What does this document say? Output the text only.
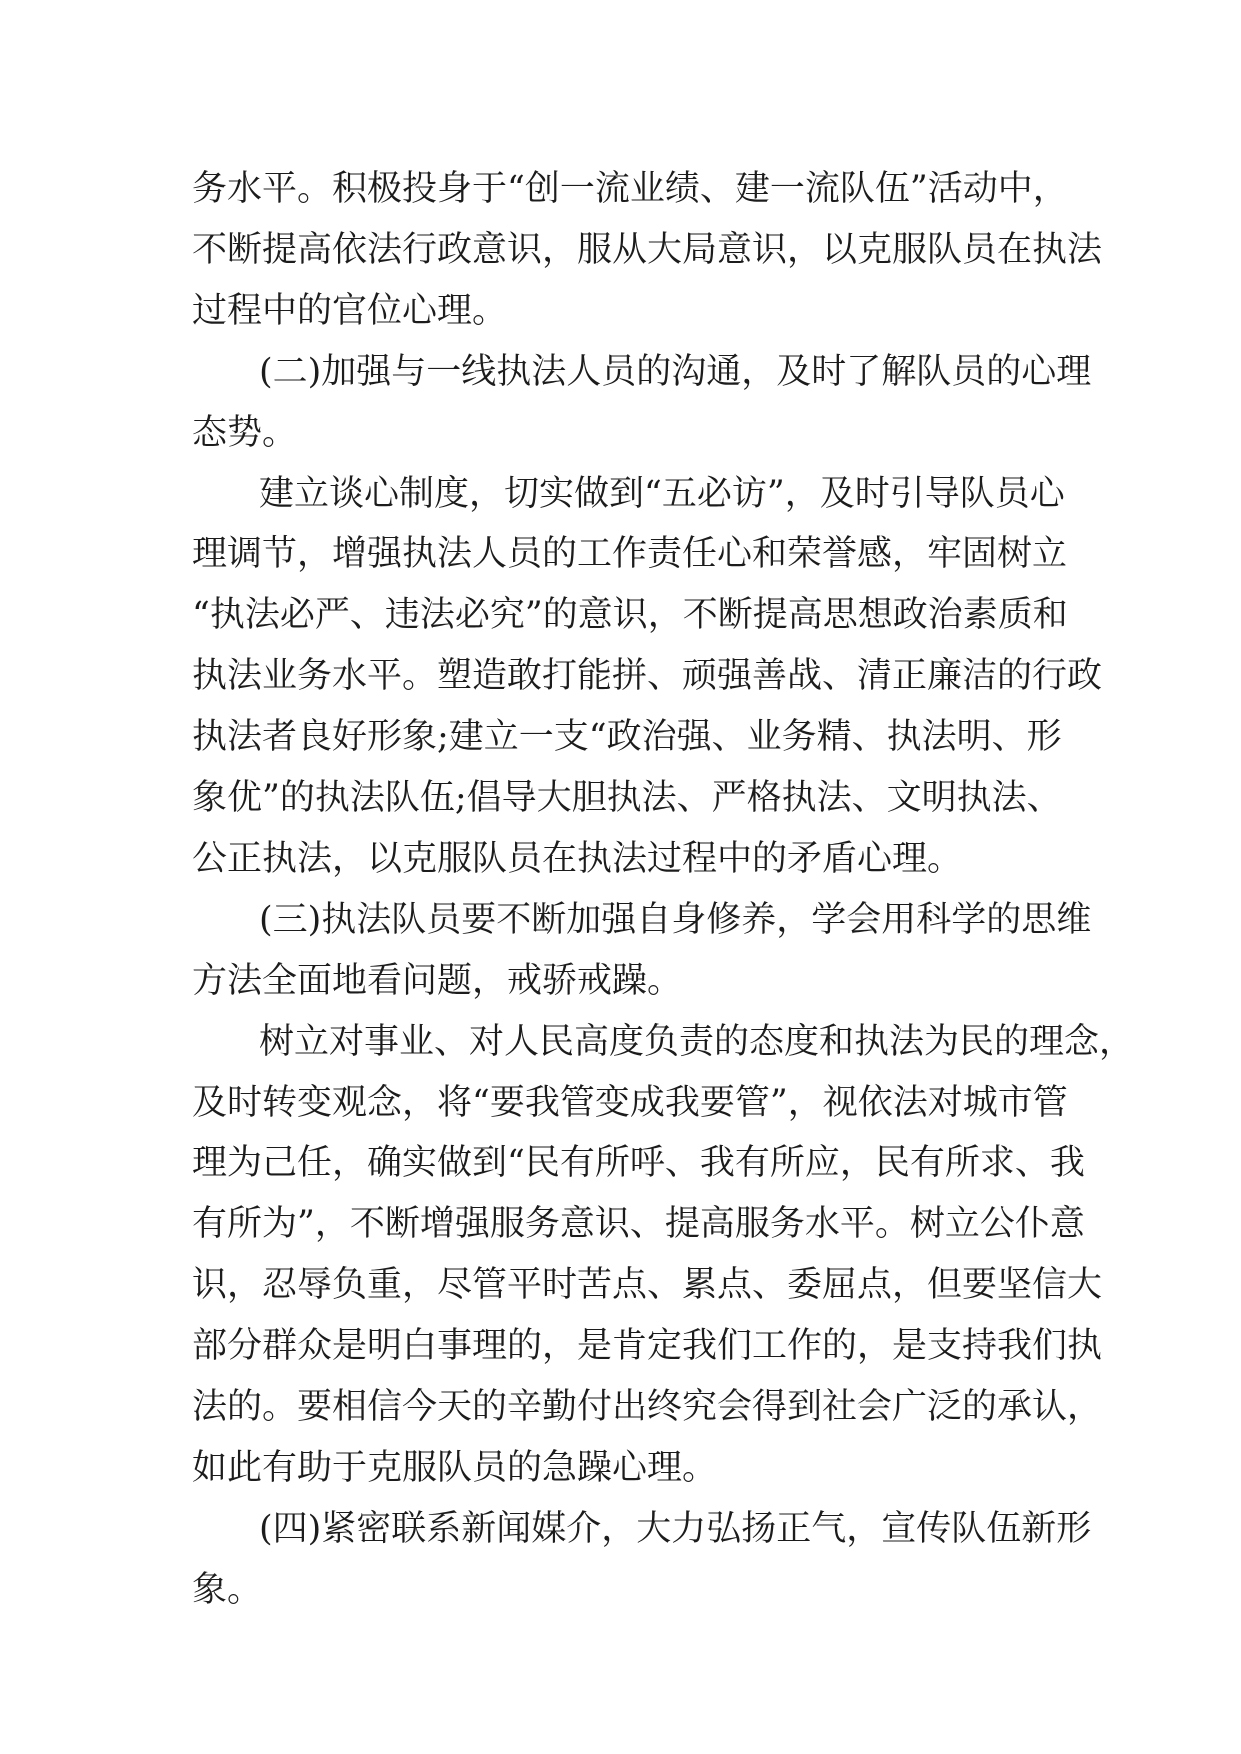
务水平。积极投身于“创一流业绩、建一流队伍”活动中，
不断提高依法行政意识，服从大局意识，以克服队员在执法
过程中的官位心理。
(二)加强与一线执法人员的沟通，及时了解队员的心理
态势。
建立谈心制度，切实做到“五必访”，及时引导队员心
理调节，增强执法人员的工作责任心和荣誉感，牢固树立
“执法必严、违法必究”的意识，不断提高思想政治素质和
执法业务水平。塑造敢打能拼、顽强善战、清正廉洁的行政
执法者良好形象;建立一支“政治强、业务精、执法明、形
象优”的执法队伍;倡导大胆执法、严格执法、文明执法、
公正执法，以克服队员在执法过程中的矛盾心理。
(三)执法队员要不断加强自身修养，学会用科学的思维
方法全面地看问题，戒骄戒躁。
树立对事业、对人民高度负责的态度和执法为民的理念，
及时转变观念，将“要我管变成我要管”，视依法对城市管
理为己任，确实做到“民有所呼、我有所应，民有所求、我
有所为”，不断增强服务意识、提高服务水平。树立公仆意
识，忍辱负重，尽管平时苦点、累点、委屈点，但要坚信大
部分群众是明白事理的，是肯定我们工作的，是支持我们执
法的。要相信今天的辛勤付出终究会得到社会广泛的承认，
如此有助于克服队员的急躁心理。
(四)紧密联系新闻媒介，大力弘扬正气，宣传队伍新形
象。
